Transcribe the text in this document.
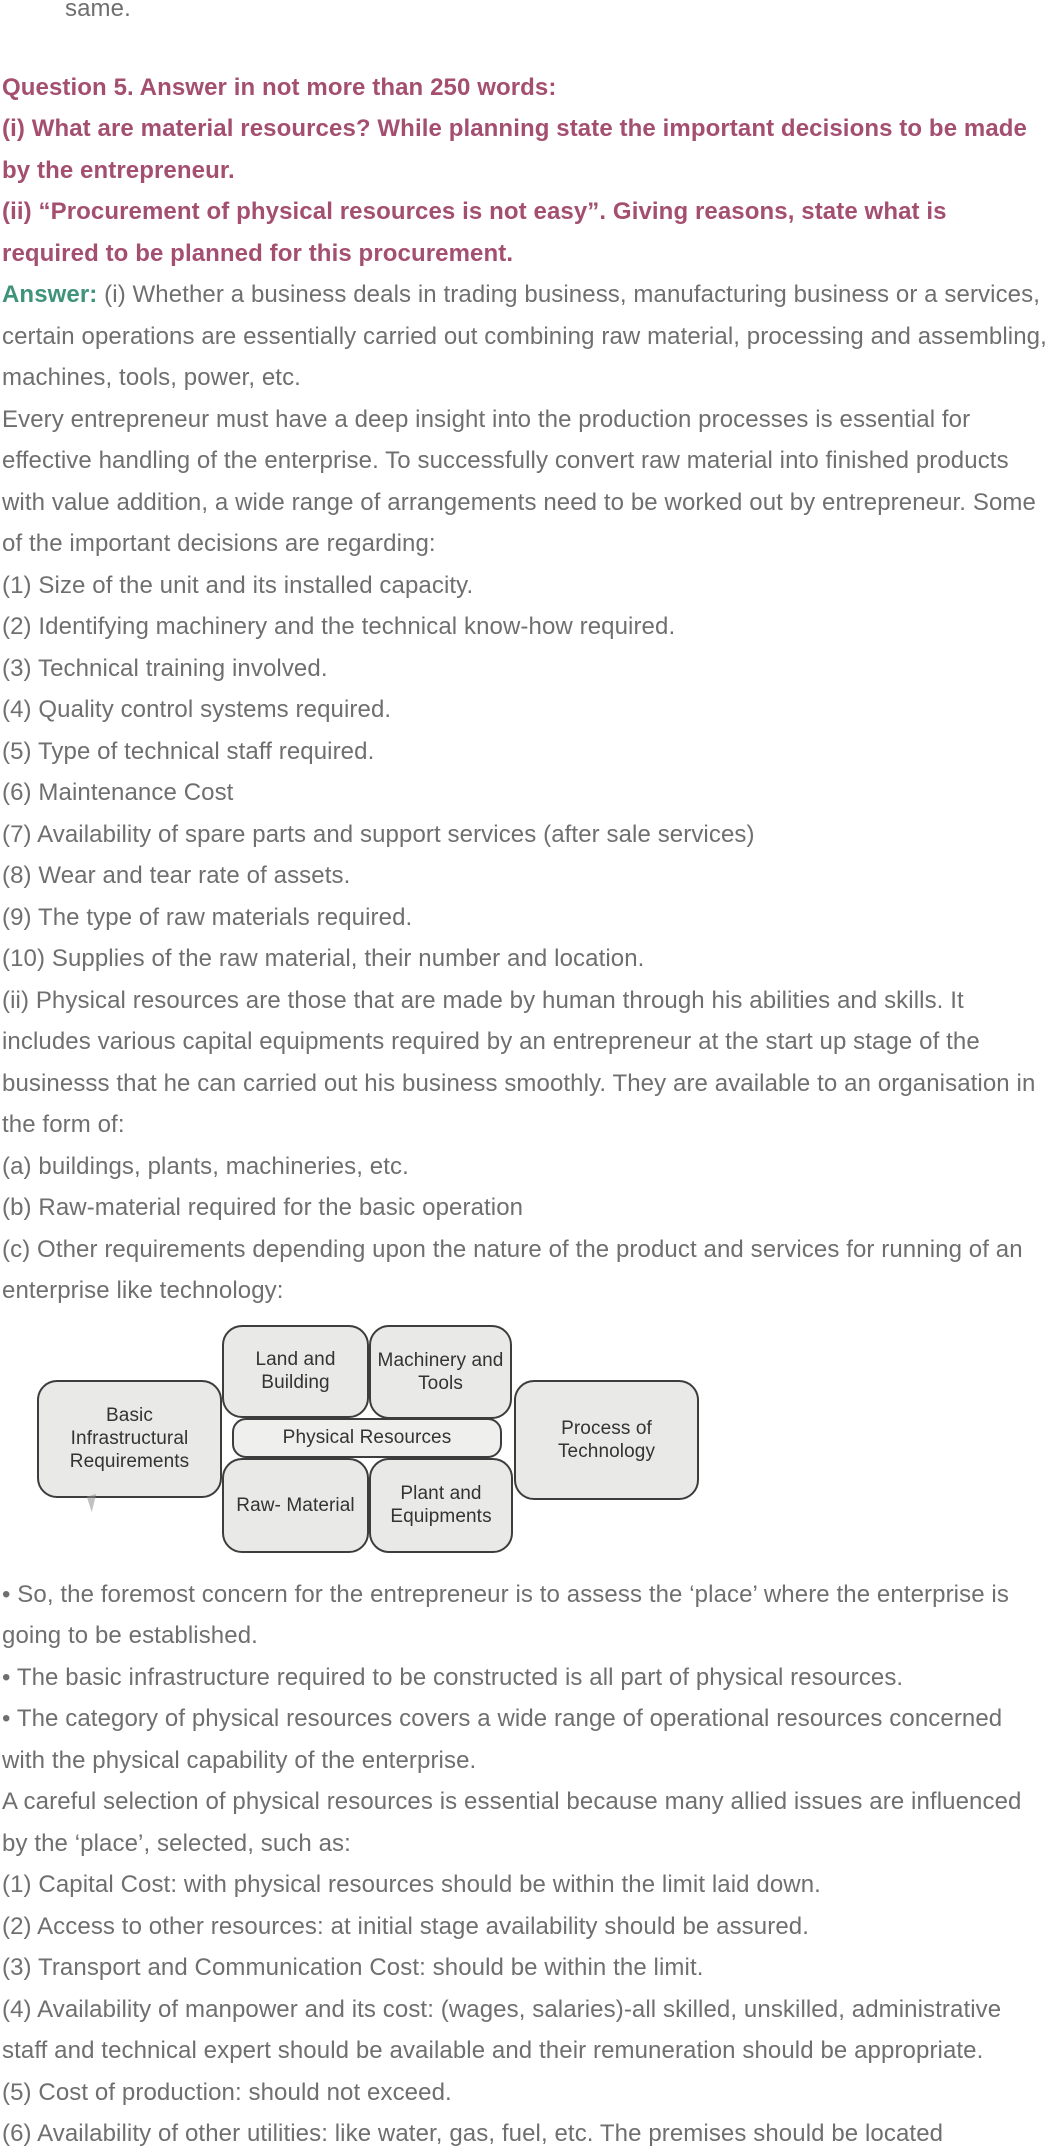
same.

Question 5. Answer in not more than 250 words:

(i) What are material resources? While planning state the important decisions to be made by the entrepreneur.

(ii) “Procurement of physical resources is not easy”. Giving reasons, state what is required to be planned for this procurement.

Answer: (i) Whether a business deals in trading business, manufacturing business or a services, certain operations are essentially carried out combining raw material, processing and assembling, machines, tools, power, etc.

Every entrepreneur must have a deep insight into the production processes is essential for effective handling of the enterprise. To successfully convert raw material into finished products with value addition, a wide range of arrangements need to be worked out by entrepreneur. Some of the important decisions are regarding:

(1) Size of the unit and its installed capacity.

(2) Identifying machinery and the technical know-how required.

(3) Technical training involved.

(4) Quality control systems required.

(5) Type of technical staff required.

(6) Maintenance Cost

(7) Availability of spare parts and support services (after sale services)

(8) Wear and tear rate of assets.

(9) The type of raw materials required.

(10) Supplies of the raw material, their number and location.

(ii) Physical resources are those that are made by human through his abilities and skills. It includes various capital equipments required by an entrepreneur at the start up stage of the businesss that he can carried out his business smoothly. They are available to an organisation in the form of:

(a) buildings, plants, machineries, etc.

(b) Raw-material required for the basic operation

(c) Other requirements depending upon the nature of the product and services for running of an enterprise like technology:

Basic Infrastructural Requirements
Land and Building
Machinery and Tools
Raw- Material
Plant and Equipments
Physical Resources	Process of Technology

• So, the foremost concern for the entrepreneur is to assess the ‘place’ where the enterprise is going to be established.

• The basic infrastructure required to be constructed is all part of physical resources.

• The category of physical resources covers a wide range of operational resources concerned with the physical capability of the enterprise.

A careful selection of physical resources is essential because many allied issues are influenced by the ‘place’, selected, such as:

(1) Capital Cost: with physical resources should be within the limit laid down.

(2) Access to other resources: at initial stage availability should be assured.

(3) Transport and Communication Cost: should be within the limit.

(4) Availability of manpower and its cost: (wages, salaries)-all skilled, unskilled, administrative staff and technical expert should be available and their remuneration should be appropriate.

(5) Cost of production: should not exceed.

(6) Availability of other utilities: like water, gas, fuel, etc. The premises should be located
